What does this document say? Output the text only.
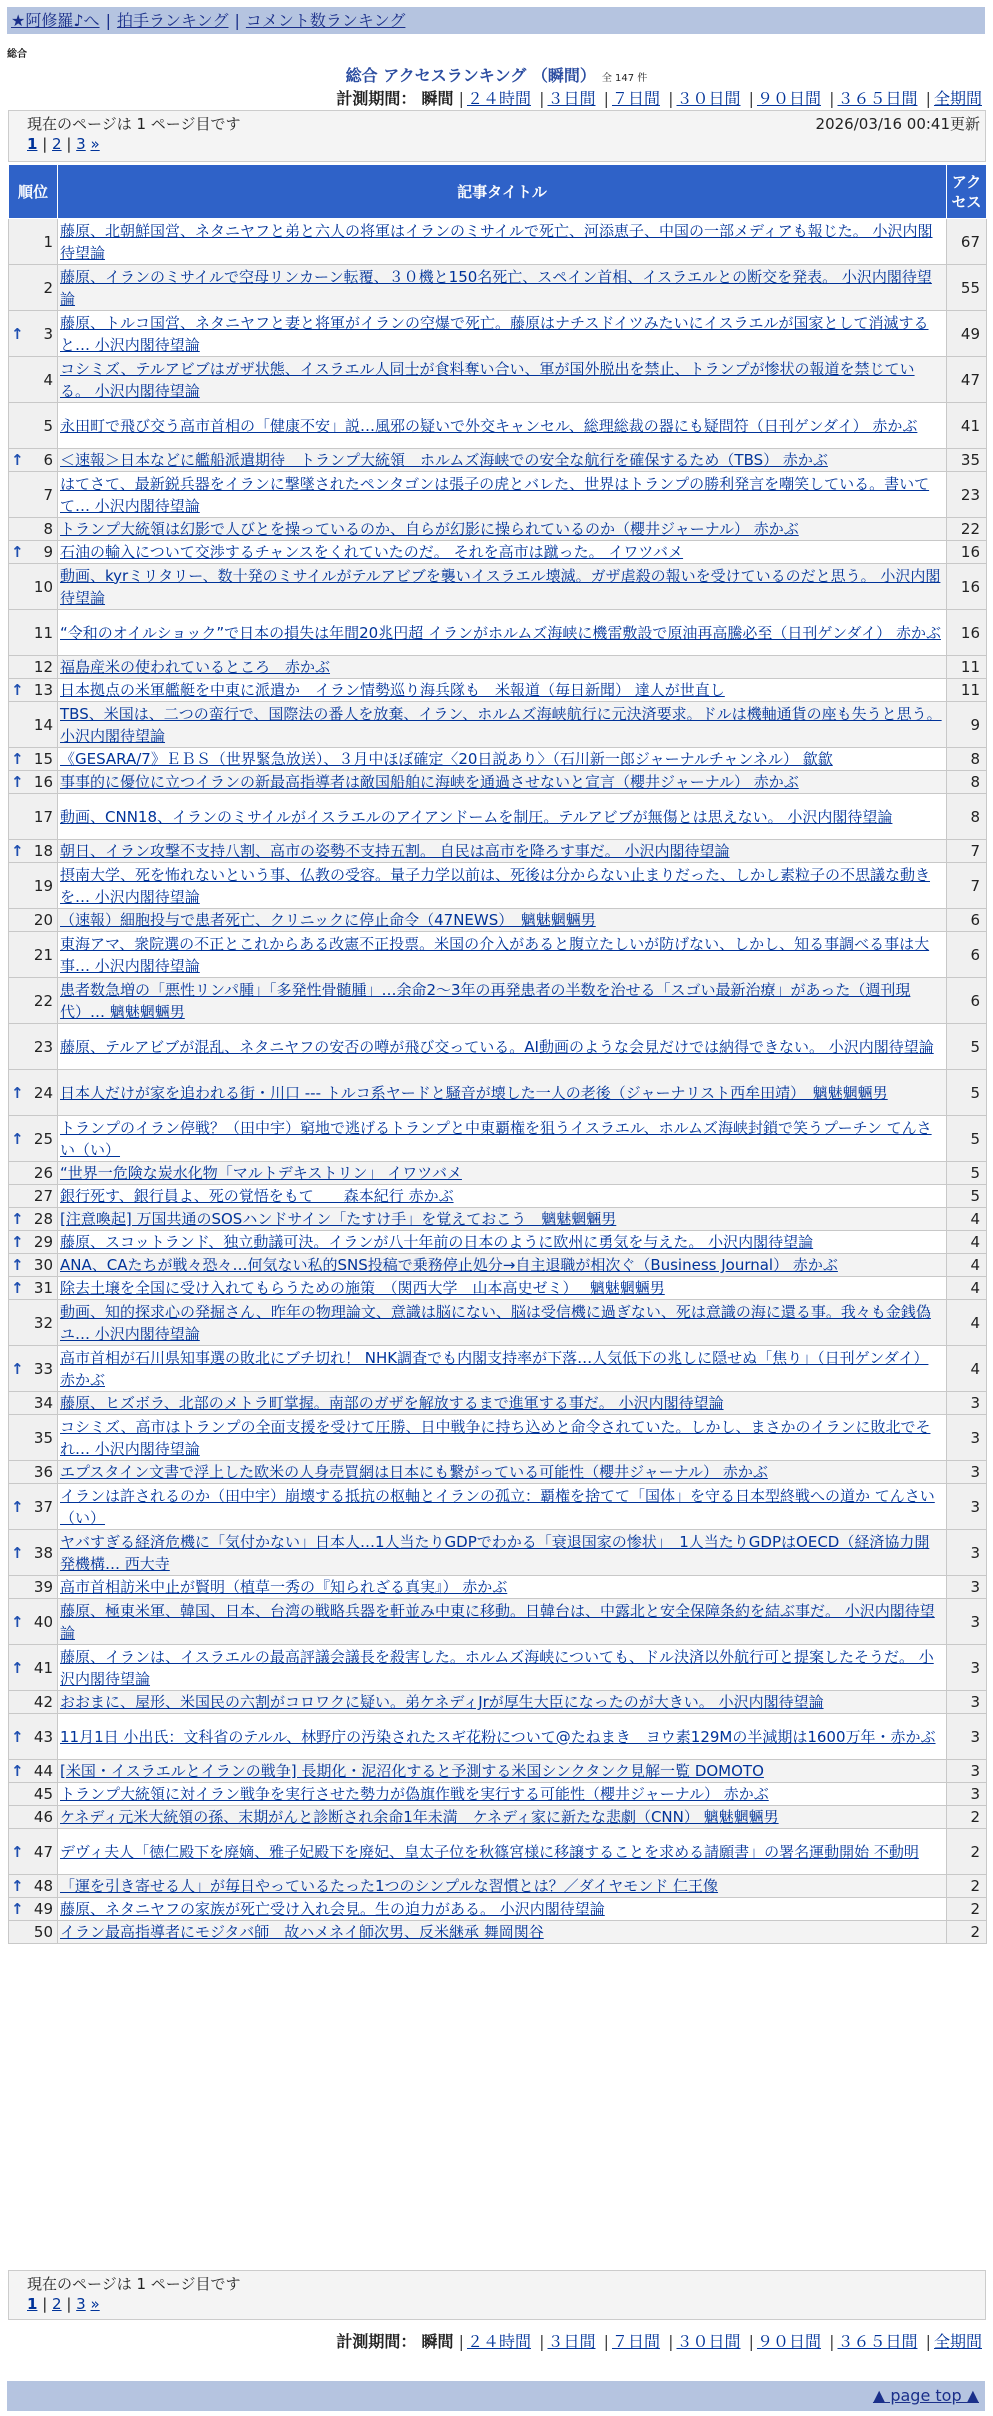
★阿修羅♪へ | 拍手ランキング | コメント数ランキング
総合
総合 アクセスランキング （瞬間） 全 147 件
計測期間： 瞬間 | ２４時間 | ３日間 | ７日間 | ３０日間 | ９０日間 | ３６５日間 | 全期間
現在のページは 1 ページ目です	2026/03/16 00:41更新
1 | 2 | 3 »
順位	記事タイトル	アクセス
1	藤原、北朝鮮国営、ネタニヤフと弟と六人の将軍はイランのミサイルで死亡、河添恵子、中国の一部メディアも報じた。 小沢内閣待望論	67
2	藤原、イランのミサイルで空母リンカーン転覆、３０機と150名死亡、スペイン首相、イスラエルとの断交を発表。 小沢内閣待望論	55

↑ 3	藤原、トルコ国営、ネタニヤフと妻と将軍がイランの空爆で死亡。藤原はナチスドイツみたいにイスラエルが国家として消滅すると… 小沢内閣待望論	49
4	コシミズ、テルアビブはガザ状態、イスラエル人同士が食料奪い合い、軍が国外脱出を禁止、トランプが惨状の報道を禁じている。 小沢内閣待望論	47
5	永田町で飛び交う高市首相の「健康不安」説…風邪の疑いで外交キャンセル、総理総裁の器にも疑問符（日刊ゲンダイ） 赤かぶ	41

↑ 6	＜速報＞日本などに艦船派遣期待　トランプ大統領　ホルムズ海峡での安全な航行を確保するため（TBS） 赤かぶ	35
7	はてさて、最新鋭兵器をイランに撃墜されたペンタゴンは張子の虎とバレた、世界はトランプの勝利発言を嘲笑している。書いてて… 小沢内閣待望論	23
8	トランプ大統領は幻影で人びとを操っているのか、自らが幻影に操られているのか（櫻井ジャーナル） 赤かぶ	22

↑ 9	石油の輸入について交渉するチャンスをくれていたのだ。 それを高市は蹴った。 イワツバメ	16
10	動画、kyrミリタリー、数十発のミサイルがテルアビブを襲いイスラエル壊滅。ガザ虐殺の報いを受けているのだと思う。 小沢内閣待望論	16
11	“令和のオイルショック”で日本の損失は年間20兆円超 イランがホルムズ海峡に機雷敷設で原油再高騰必至（日刊ゲンダイ） 赤かぶ	16
12	福島産米の使われているところ　赤かぶ	11

↑ 13	日本拠点の米軍艦艇を中東に派遣か　イラン情勢巡り海兵隊も　米報道（毎日新聞） 達人が世直し	11
14	TBS、米国は、二つの蛮行で、国際法の番人を放棄、イラン、ホルムズ海峡航行に元決済要求。ドルは機軸通貨の座も失うと思う。 小沢内閣待望論	9

↑ 15	《GESARA/7》ＥＢＳ（世界緊急放送）、３月中ほぼ確定〈20日説あり〉（石川新一郎ジャーナルチャンネル） 歙歙	8

↑ 16	事事的に優位に立つイランの新最高指導者は敵国船舶に海峡を通過させないと宣言（櫻井ジャーナル） 赤かぶ	8
17	動画、CNN18、イランのミサイルがイスラエルのアイアンドームを制圧。テルアビブが無傷とは思えない。 小沢内閣待望論	8

↑ 18	朝日、イラン攻撃不支持八割、高市の姿勢不支持五割。 自民は高市を降ろす事だ。 小沢内閣待望論	7
19	摂南大学、死を怖れないという事、仏教の受容。量子力学以前は、死後は分からない止まりだった、しかし素粒子の不思議な動きを… 小沢内閣待望論	7
20	（速報）細胞投与で患者死亡、クリニックに停止命令（47NEWS）　魑魅魍魎男	6
21	東海アマ、衆院選の不正とこれからある改憲不正投票。米国の介入があると腹立たしいが防げない、しかし、知る事調べる事は大事… 小沢内閣待望論	6
22	患者数急増の「悪性リンパ腫」「多発性骨髄腫」…余命2〜3年の再発患者の半数を治せる「スゴい最新治療」があった（週刊現代）… 魑魅魍魎男	6
23	藤原、テルアビブが混乱、ネタニヤフの安否の噂が飛び交っている。AI動画のような会見だけでは納得できない。 小沢内閣待望論	5

↑ 24	日本人だけが家を追われる街・川口 --- トルコ系ヤードと騒音が壊した一人の老後（ジャーナリスト西牟田靖）　魑魅魍魎男	5

↑ 25	トランプのイラン停戦？（田中宇）窮地で逃げるトランプと中東覇権を狙うイスラエル、ホルムズ海峡封鎖で笑うプーチン てんさい（い）	5
26	“世界一危険な炭水化物「マルトデキストリン」 イワツバメ	5
27	銀行死す、銀行員よ、死の覚悟をもて　　森本紀行 赤かぶ	5

↑ 28	[注意喚起] 万国共通のSOSハンドサイン「たすけ手」を覚えておこう　魑魅魍魎男	4

↑ 29	藤原、スコットランド、独立動議可決。イランが八十年前の日本のように欧州に勇気を与えた。 小沢内閣待望論	4

↑ 30	ANA、CAたちが戦々恐々…何気ない私的SNS投稿で乗務停止処分→自主退職が相次ぐ（Business Journal） 赤かぶ	4

↑ 31	除去土壌を全国に受け入れてもらうための施策　（関西大学　山本高史ゼミ）　 魑魅魍魎男	4
32	動画、知的探求心の発掘さん、昨年の物理論文、意識は脳にない、脳は受信機に過ぎない、死は意識の海に還る事。我々も金銭偽ユ… 小沢内閣待望論	4

↑ 33	高市首相が石川県知事選の敗北にブチ切れ！ NHK調査でも内閣支持率が下落…人気低下の兆しに隠せぬ「焦り」（日刊ゲンダイ） 赤かぶ	4
34	藤原、ヒズボラ、北部のメトラ町掌握。南部のガザを解放するまで進軍する事だ。 小沢内閣待望論	3
35	コシミズ、高市はトランプの全面支援を受けて圧勝、日中戦争に持ち込めと命令されていた。しかし、まさかのイランに敗北でそれ… 小沢内閣待望論	3
36	エプスタイン文書で浮上した欧米の人身売買網は日本にも繋がっている可能性（櫻井ジャーナル） 赤かぶ	3

↑ 37	イランは許されるのか（田中宇）崩壊する抵抗の枢軸とイランの孤立：覇権を捨てて「国体」を守る日本型終戦への道か てんさい（い）	3

↑ 38	ヤバすぎる経済危機に「気付かない」日本人…1人当たりGDPでわかる「衰退国家の惨状」　1人当たりGDPはOECD（経済協力開発機構… 西大寺	3
39	高市首相訪米中止が賢明（植草一秀の『知られざる真実』） 赤かぶ	3

↑ 40	藤原、極東米軍、韓国、日本、台湾の戦略兵器を軒並み中東に移動。日韓台は、中露北と安全保障条約を結ぶ事だ。 小沢内閣待望論	3

↑ 41	藤原、イランは、イスラエルの最高評議会議長を殺害した。ホルムズ海峡についても、ドル決済以外航行可と提案したそうだ。 小沢内閣待望論	3
42	おおまに、屋形、米国民の六割がコロワクに疑い。弟ケネディJrが厚生大臣になったのが大きい。 小沢内閣待望論	3

↑ 43	11月1日 小出氏：文科省のテルル、林野庁の汚染されたスギ花粉について@たねまき　ヨウ素129Mの半減期は1600万年・赤かぶ	3

↑ 44	[米国・イスラエルとイランの戦争] 長期化・泥沼化すると予測する米国シンクタンク見解一覧 DOMOTO	3
45	トランプ大統領に対イラン戦争を実行させた勢力が偽旗作戦を実行する可能性（櫻井ジャーナル） 赤かぶ	3
46	ケネディ元米大統領の孫、末期がんと診断され余命1年未満　ケネディ家に新たな悲劇（CNN） 魑魅魍魎男	2

↑ 47	デヴィ夫人「徳仁殿下を廃嫡、雅子妃殿下を廃妃、皇太子位を秋篠宮様に移譲することを求める請願書」の署名運動開始 不動明	2

↑ 48	「運を引き寄せる人」が毎日やっているたった1つのシンプルな習慣とは？／ダイヤモンド 仁王像	2

↑ 49	藤原、ネタニヤフの家族が死亡受け入れ会見。生の迫力がある。 小沢内閣待望論	2
50	イラン最高指導者にモジタバ師　故ハメネイ師次男、反米継承 舞岡関谷	2
現在のページは 1 ページ目です
1 | 2 | 3 »
計測期間： 瞬間 | ２４時間 | ３日間 | ７日間 | ３０日間 | ９０日間 | ３６５日間 | 全期間
▲ page top ▲
